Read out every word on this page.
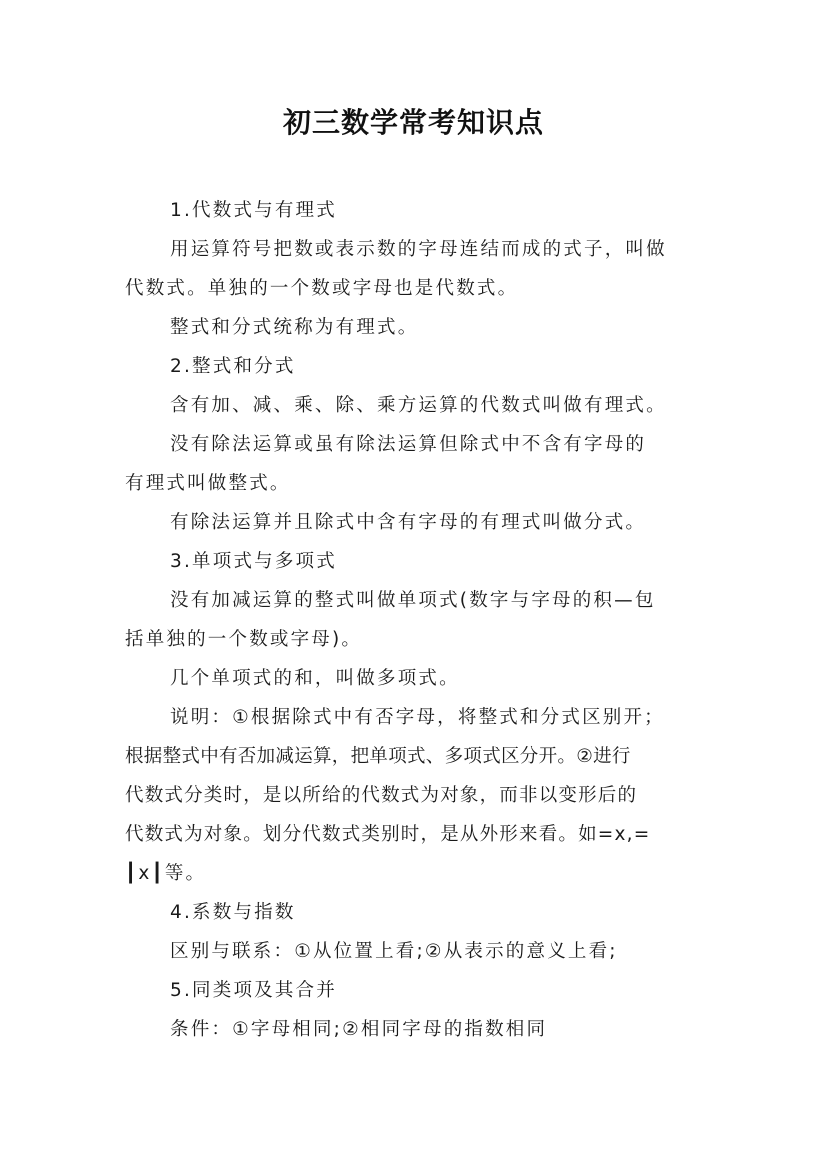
初三数学常考知识点
1.代数式与有理式
用运算符号把数或表示数的字母连结而成的式子，叫做
代数式。单独的一个数或字母也是代数式。
整式和分式统称为有理式。
2.整式和分式
含有加、减、乘、除、乘方运算的代数式叫做有理式。
没有除法运算或虽有除法运算但除式中不含有字母的
有理式叫做整式。
有除法运算并且除式中含有字母的有理式叫做分式。
3.单项式与多项式
没有加减运算的整式叫做单项式(数字与字母的积—包
括单独的一个数或字母)。
几个单项式的和，叫做多项式。
说明：①根据除式中有否字母，将整式和分式区别开；
根据整式中有否加减运算，把单项式、多项式区分开。②进行
代数式分类时，是以所给的代数式为对象，而非以变形后的
代数式为对象。划分代数式类别时，是从外形来看。如=x,=
┃x┃等。
4.系数与指数
区别与联系：①从位置上看;②从表示的意义上看;
5.同类项及其合并
条件：①字母相同;②相同字母的指数相同
